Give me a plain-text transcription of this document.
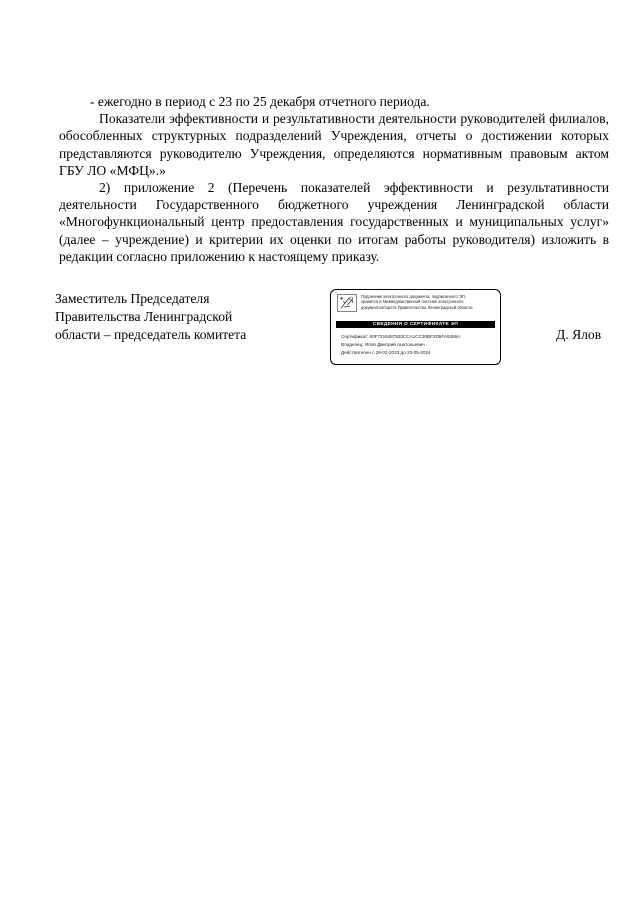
- ежегодно в период с 23 по 25 декабря отчетного периода.

Показатели эффективности и результативности деятельности руководителей филиалов, обособленных структурных подразделений Учреждения, отчеты о достижении которых представляются руководителю Учреждения, определяются нормативным правовым актом ГБУ ЛО «МФЦ».»

2) приложение 2 (Перечень показателей эффективности и результативности деятельности Государственного бюджетного учреждения Ленинградской области «Многофункциональный центр предоставления государственных и муниципальных услуг» (далее – учреждение) и критерии их оценки по итогам работы руководителя) изложить в редакции согласно приложению к настоящему приказу.

Заместитель Председателя
Правительства Ленинградской
области – председатель комитета
Подлинник электронного документа, подписанного ЭП,
хранится в Межведомственной системе электронного
документооборота Правительства Ленинградской области
СВЕДЕНИЯ О СЕРТИФИКАТЕ ЭП
Сертификат: 00F7316487520CCA1CC30BF2D5FA5286A
Владелец: Ялов Дмитрий Анатольевич
Действителен с 28-02-2023 до 23-05-2024
Д. Ялов
